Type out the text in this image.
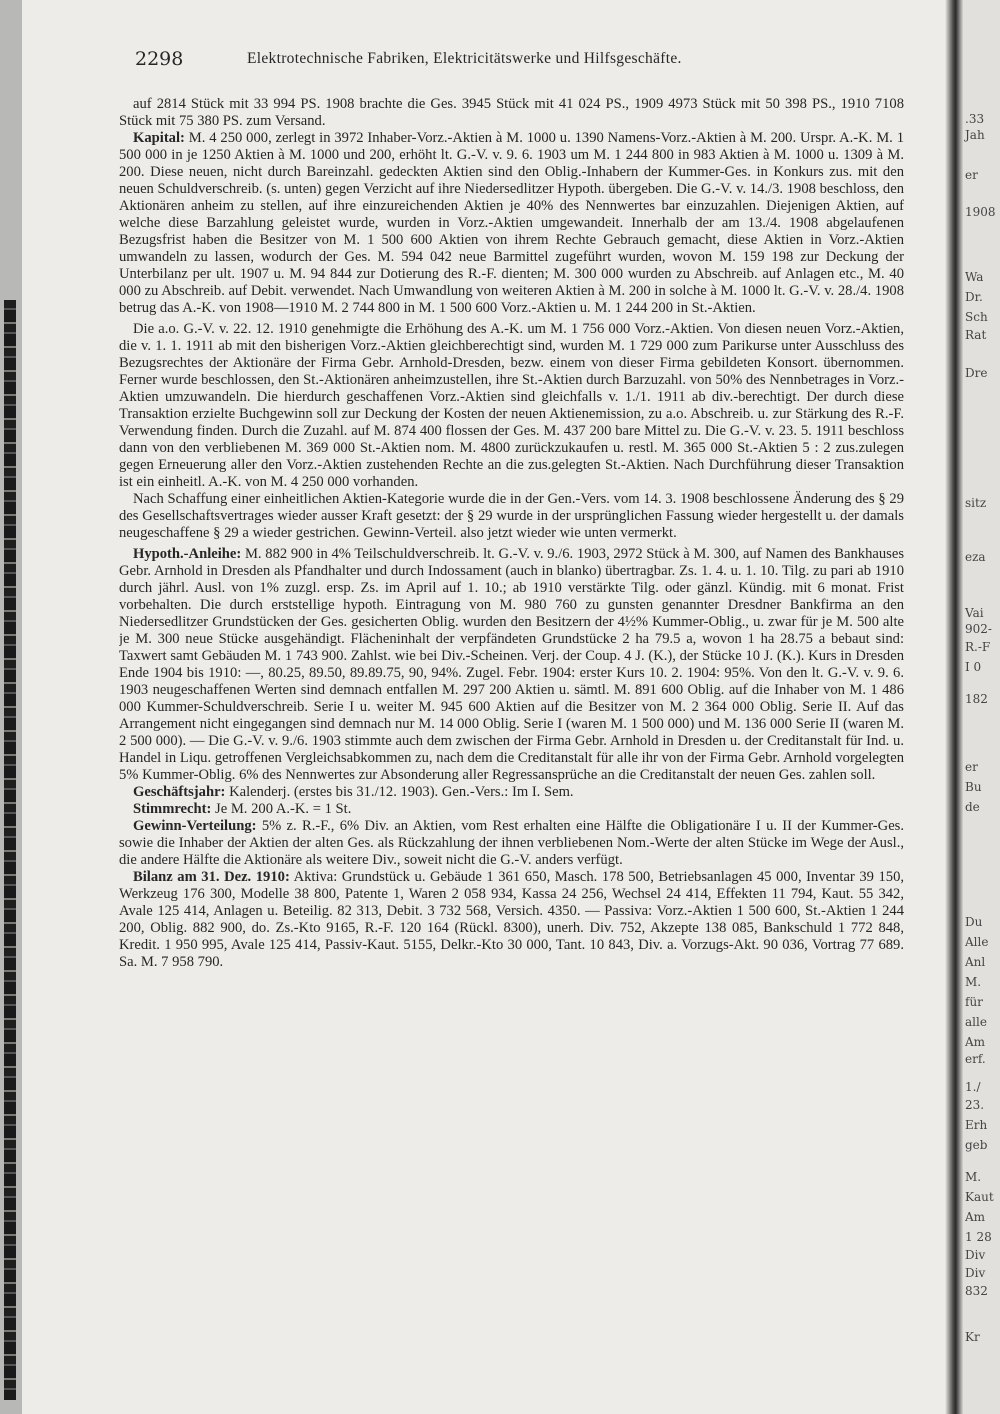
2298	Elektrotechnische Fabriken, Elektricitätswerke und Hilfsgeschäfte.

auf 2814 Stück mit 33 994 PS. 1908 brachte die Ges. 3945 Stück mit 41 024 PS., 1909 4973 Stück mit 50 398 PS., 1910 7108 Stück mit 75 380 PS. zum Versand.

Kapital: M. 4 250 000, zerlegt in 3972 Inhaber-Vorz.-Aktien à M. 1000 u. 1390 Namens-Vorz.-Aktien à M. 200. Urspr. A.-K. M. 1 500 000 in je 1250 Aktien à M. 1000 und 200, erhöht lt. G.-V. v. 9. 6. 1903 um M. 1 244 800 in 983 Aktien à M. 1000 u. 1309 à M. 200. Diese neuen, nicht durch Bareinzahl. gedeckten Aktien sind den Oblig.-Inhabern der Kummer-Ges. in Konkurs zus. mit den neuen Schuldverschreib. (s. unten) gegen Verzicht auf ihre Niedersedlitzer Hypoth. übergeben. Die G.-V. v. 14./3. 1908 beschloss, den Aktionären anheim zu stellen, auf ihre einzureichenden Aktien je 40% des Nennwertes bar einzuzahlen. Diejenigen Aktien, auf welche diese Barzahlung geleistet wurde, wurden in Vorz.-Aktien umgewandeit. Innerhalb der am 13./4. 1908 abgelaufenen Bezugsfrist haben die Besitzer von M. 1 500 600 Aktien von ihrem Rechte Gebrauch gemacht, diese Aktien in Vorz.-Aktien umwandeln zu lassen, wodurch der Ges. M. 594 042 neue Barmittel zugeführt wurden, wovon M. 159 198 zur Deckung der Unterbilanz per ult. 1907 u. M. 94 844 zur Dotierung des R.-F. dienten; M. 300 000 wurden zu Abschreib. auf Anlagen etc., M. 40 000 zu Abschreib. auf Debit. verwendet. Nach Umwandlung von weiteren Aktien à M. 200 in solche à M. 1000 lt. G.-V. v. 28./4. 1908 betrug das A.-K. von 1908—1910 M. 2 744 800 in M. 1 500 600 Vorz.-Aktien u. M. 1 244 200 in St.-Aktien.

Die a.o. G.-V. v. 22. 12. 1910 genehmigte die Erhöhung des A.-K. um M. 1 756 000 Vorz.-Aktien. Von diesen neuen Vorz.-Aktien, die v. 1. 1. 1911 ab mit den bisherigen Vorz.-Aktien gleichberechtigt sind, wurden M. 1 729 000 zum Parikurse unter Ausschluss des Bezugsrechtes der Aktionäre der Firma Gebr. Arnhold-Dresden, bezw. einem von dieser Firma gebildeten Konsort. übernommen. Ferner wurde beschlossen, den St.-Aktionären anheimzustellen, ihre St.-Aktien durch Barzuzahl. von 50% des Nennbetrages in Vorz.-Aktien umzuwandeln. Die hierdurch geschaffenen Vorz.-Aktien sind gleichfalls v. 1./1. 1911 ab div.-berechtigt. Der durch diese Transaktion erzielte Buchgewinn soll zur Deckung der Kosten der neuen Aktienemission, zu a.o. Abschreib. u. zur Stärkung des R.-F. Verwendung finden. Durch die Zuzahl. auf M. 874 400 flossen der Ges. M. 437 200 bare Mittel zu. Die G.-V. v. 23. 5. 1911 beschloss dann von den verbliebenen M. 369 000 St.-Aktien nom. M. 4800 zurückzukaufen u. restl. M. 365 000 St.-Aktien 5 : 2 zus.zulegen gegen Erneuerung aller den Vorz.-Aktien zustehenden Rechte an die zus.gelegten St.-Aktien. Nach Durchführung dieser Transaktion ist ein einheitl. A.-K. von M. 4 250 000 vorhanden.

Nach Schaffung einer einheitlichen Aktien-Kategorie wurde die in der Gen.-Vers. vom 14. 3. 1908 beschlossene Änderung des § 29 des Gesellschaftsvertrages wieder ausser Kraft gesetzt: der § 29 wurde in der ursprünglichen Fassung wieder hergestellt u. der damals neugeschaffene § 29 a wieder gestrichen. Gewinn-Verteil. also jetzt wieder wie unten vermerkt.

Hypoth.-Anleihe: M. 882 900 in 4% Teilschuldverschreib. lt. G.-V. v. 9./6. 1903, 2972 Stück à M. 300, auf Namen des Bankhauses Gebr. Arnhold in Dresden als Pfandhalter und durch Indossament (auch in blanko) übertragbar. Zs. 1. 4. u. 1. 10. Tilg. zu pari ab 1910 durch jährl. Ausl. von 1% zuzgl. ersp. Zs. im April auf 1. 10.; ab 1910 verstärkte Tilg. oder gänzl. Kündig. mit 6 monat. Frist vorbehalten. Die durch erststellige hypoth. Eintragung von M. 980 760 zu gunsten genannter Dresdner Bankfirma an den Niedersedlitzer Grundstücken der Ges. gesicherten Oblig. wurden den Besitzern der 4½% Kummer-Oblig., u. zwar für je M. 500 alte je M. 300 neue Stücke ausgehändigt. Flächeninhalt der verpfändeten Grundstücke 2 ha 79.5 a, wovon 1 ha 28.75 a bebaut sind: Taxwert samt Gebäuden M. 1 743 900. Zahlst. wie bei Div.-Scheinen. Verj. der Coup. 4 J. (K.), der Stücke 10 J. (K.). Kurs in Dresden Ende 1904 bis 1910: —, 80.25, 89.50, 89.89.75, 90, 94%. Zugel. Febr. 1904: erster Kurs 10. 2. 1904: 95%. Von den lt. G.-V. v. 9. 6. 1903 neugeschaffenen Werten sind demnach entfallen M. 297 200 Aktien u. sämtl. M. 891 600 Oblig. auf die Inhaber von M. 1 486 000 Kummer-Schuldverschreib. Serie I u. weiter M. 945 600 Aktien auf die Besitzer von M. 2 364 000 Oblig. Serie II. Auf das Arrangement nicht eingegangen sind demnach nur M. 14 000 Oblig. Serie I (waren M. 1 500 000) und M. 136 000 Serie II (waren M. 2 500 000). — Die G.-V. v. 9./6. 1903 stimmte auch dem zwischen der Firma Gebr. Arnhold in Dresden u. der Creditanstalt für Ind. u. Handel in Liqu. getroffenen Vergleichsabkommen zu, nach dem die Creditanstalt für alle ihr von der Firma Gebr. Arnhold vorgelegten 5% Kummer-Oblig. 6% des Nennwertes zur Absonderung aller Regressansprüche an die Creditanstalt der neuen Ges. zahlen soll.

Geschäftsjahr: Kalenderj. (erstes bis 31./12. 1903). Gen.-Vers.: Im I. Sem.

Stimmrecht: Je M. 200 A.-K. = 1 St.

Gewinn-Verteilung: 5% z. R.-F., 6% Div. an Aktien, vom Rest erhalten eine Hälfte die Obligationäre I u. II der Kummer-Ges. sowie die Inhaber der Aktien der alten Ges. als Rückzahlung der ihnen verbliebenen Nom.-Werte der alten Stücke im Wege der Ausl., die andere Hälfte die Aktionäre als weitere Div., soweit nicht die G.-V. anders verfügt.

Bilanz am 31. Dez. 1910: Aktiva: Grundstück u. Gebäude 1 361 650, Masch. 178 500, Betriebsanlagen 45 000, Inventar 39 150, Werkzeug 176 300, Modelle 38 800, Patente 1, Waren 2 058 934, Kassa 24 256, Wechsel 24 414, Effekten 11 794, Kaut. 55 342, Avale 125 414, Anlagen u. Beteilig. 82 313, Debit. 3 732 568, Versich. 4350. — Passiva: Vorz.-Aktien 1 500 600, St.-Aktien 1 244 200, Oblig. 882 900, do. Zs.-Kto 9165, R.-F. 120 164 (Rückl. 8300), unerh. Div. 752, Akzepte 138 085, Bankschuld 1 772 848, Kredit. 1 950 995, Avale 125 414, Passiv-Kaut. 5155, Delkr.-Kto 30 000, Tant. 10 843, Div. a. Vorzugs-Akt. 90 036, Vortrag 77 689. Sa. M. 7 958 790.

.33
Jah
er
1908
Wa
Dr.
Sch
Rat
Dre
sitz
eza
Vai
902-
R.-F
I 0
182
er
Bu
de
Du
Alle
Anl
M.
für
alle
Am
erf.
1./
23.
Erh
geb
M.
Kaut
Am
1 28
Div
Div
832
Kr
